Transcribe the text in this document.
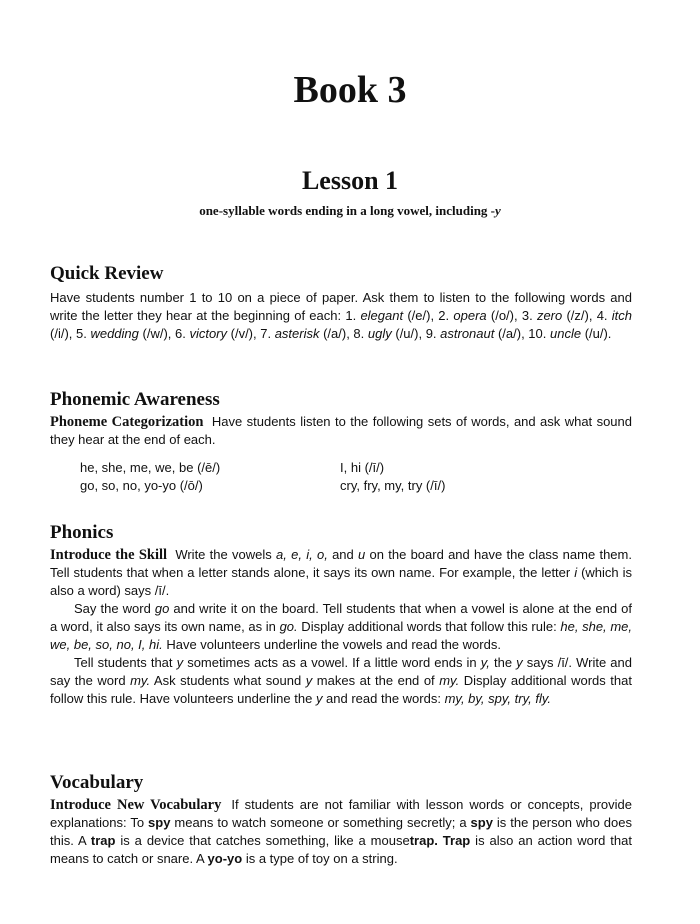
Book 3
Lesson 1
one-syllable words ending in a long vowel, including -y
Quick Review

Have students number 1 to 10 on a piece of paper. Ask them to listen to the following words and write the letter they hear at the beginning of each: 1. elegant (/e/), 2. opera (/o/), 3. zero (/z/), 4. itch (/i/), 5. wedding (/w/), 6. victory (/v/), 7. asterisk (/a/), 8. ugly (/u/), 9. astronaut (/a/), 10. uncle (/u/).

Phonemic Awareness

Phoneme Categorization Have students listen to the following sets of words, and ask what sound they hear at the end of each.

he, she, me, we, be (/ē/)	I, hi (/ī/)
go, so, no, yo-yo (/ō/)	cry, fry, my, try (/ī/)
Phonics

Introduce the Skill Write the vowels a, e, i, o, and u on the board and have the class name them. Tell students that when a letter stands alone, it says its own name. For example, the letter i (which is also a word) says /ī/.

Say the word go and write it on the board. Tell students that when a vowel is alone at the end of a word, it also says its own name, as in go. Display additional words that follow this rule: he, she, me, we, be, so, no, I, hi. Have volunteers underline the vowels and read the words.

Tell students that y sometimes acts as a vowel. If a little word ends in y, the y says /ī/. Write and say the word my. Ask students what sound y makes at the end of my. Display additional words that follow this rule. Have volunteers underline the y and read the words: my, by, spy, try, fly.

Vocabulary

Introduce New Vocabulary If students are not familiar with lesson words or concepts, provide explanations: To spy means to watch someone or something secretly; a spy is the person who does this. A trap is a device that catches something, like a mousetrap. Trap is also an action word that means to catch or snare. A yo-yo is a type of toy on a string.
